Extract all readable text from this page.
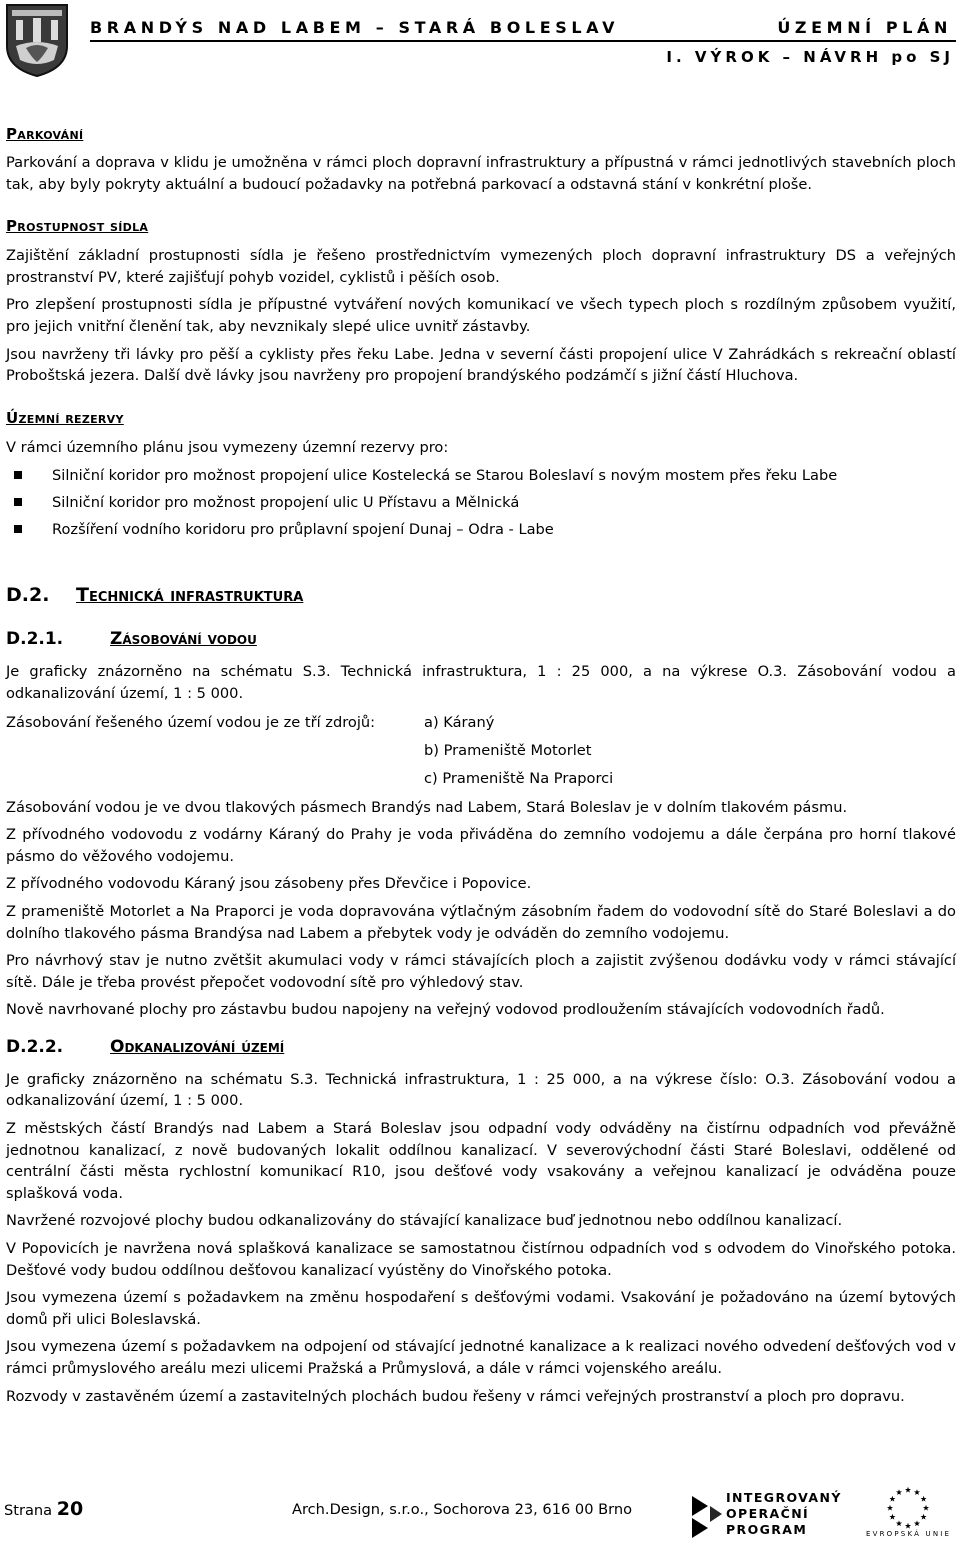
BRANDÝS NAD LABEM – STARÁ BOLESLAV	ÚZEMNÍ PLÁN
I. VÝROK – NÁVRH po SJ
Parkování

Parkování a doprava v klidu je umožněna v rámci ploch dopravní infrastruktury a přípustná v rámci jednotlivých stavebních ploch tak, aby byly pokryty aktuální a budoucí požadavky na potřebná parkovací a odstavná stání v konkrétní ploše.

Prostupnost sídla

Zajištění základní prostupnosti sídla je řešeno prostřednictvím vymezených ploch dopravní infrastruktury DS a veřejných prostranství PV, které zajišťují pohyb vozidel, cyklistů i pěších osob.

Pro zlepšení prostupnosti sídla je přípustné vytváření nových komunikací ve všech typech ploch s rozdílným způsobem využití, pro jejich vnitřní členění tak, aby nevznikaly slepé ulice uvnitř zástavby.

Jsou navrženy tři lávky pro pěší a cyklisty přes řeku Labe. Jedna v severní části propojení ulice V Zahrádkách s rekreační oblastí Proboštská jezera. Další dvě lávky jsou navrženy pro propojení brandýského podzámčí s jižní částí Hluchova.

Územní rezervy

V rámci územního plánu jsou vymezeny územní rezervy pro:

Silniční koridor pro možnost propojení ulice Kostelecká se Starou Boleslaví s novým mostem přes řeku Labe
Silniční koridor pro možnost propojení ulic U Přístavu a Mělnická
Rozšíření vodního koridoru pro průplavní spojení Dunaj – Odra - Labe
D.2.	Technická infrastruktura
D.2.1.	Zásobování vodou

Je graficky znázorněno na schématu S.3. Technická infrastruktura, 1 : 25 000, a na výkrese O.3. Zásobování vodou a odkanalizování území, 1 : 5 000.

Zásobování řešeného území vodou je ze tří zdrojů:	a) Káraný
b) Prameniště Motorlet
c) Prameniště Na Praporci

Zásobování vodou je ve dvou tlakových pásmech Brandýs nad Labem, Stará Boleslav je v dolním tlakovém pásmu.

Z přívodného vodovodu z vodárny Káraný do Prahy je voda přiváděna do zemního vodojemu a dále čerpána pro horní tlakové pásmo do věžového vodojemu.

Z přívodného vodovodu Káraný jsou zásobeny přes Dřevčice i Popovice.

Z prameniště Motorlet a Na Praporci je voda dopravována výtlačným zásobním řadem do vodovodní sítě do Staré Boleslavi a do dolního tlakového pásma Brandýsa nad Labem a přebytek vody je odváděn do zemního vodojemu.

Pro návrhový stav je nutno zvětšit akumulaci vody v rámci stávajících ploch a zajistit zvýšenou dodávku vody v rámci stávající sítě. Dále je třeba provést přepočet vodovodní sítě pro výhledový stav.

Nově navrhované plochy pro zástavbu budou napojeny na veřejný vodovod prodloužením stávajících vodovodních řadů.

D.2.2.	Odkanalizování území

Je graficky znázorněno na schématu S.3. Technická infrastruktura, 1 : 25 000, a na výkrese číslo: O.3. Zásobování vodou a odkanalizování území, 1 : 5 000.

Z městských částí Brandýs nad Labem a Stará Boleslav jsou odpadní vody odváděny na čistírnu odpadních vod převážně jednotnou kanalizací, z nově budovaných lokalit oddílnou kanalizací. V severovýchodní části Staré Boleslavi, oddělené od centrální části města rychlostní komunikací R10, jsou dešťové vody vsakovány a veřejnou kanalizací je odváděna pouze splašková voda.

Navržené rozvojové plochy budou odkanalizovány do stávající kanalizace buď jednotnou nebo oddílnou kanalizací.

V Popovicích je navržena nová splašková kanalizace se samostatnou čistírnou odpadních vod s odvodem do Vinořského potoka. Dešťové vody budou oddílnou dešťovou kanalizací vyústěny do Vinořského potoka.

Jsou vymezena území s požadavkem na změnu hospodaření s dešťovými vodami. Vsakování je požadováno na území bytových domů při ulici Boleslavská.

Jsou vymezena území s požadavkem na odpojení od stávající jednotné kanalizace a k realizaci nového odvedení dešťových vod v rámci průmyslového areálu mezi ulicemi Pražská a Průmyslová, a dále v rámci vojenského areálu.

Rozvody v zastavěném území a zastavitelných plochách budou řešeny v rámci veřejných prostranství a ploch pro dopravu.

Strana 20	Arch.Design, s.r.o., Sochorova 23, 616 00 Brno
INTEGROVANÝ OPERAČNÍ PROGRAM	EVROPSKÁ UNIE
